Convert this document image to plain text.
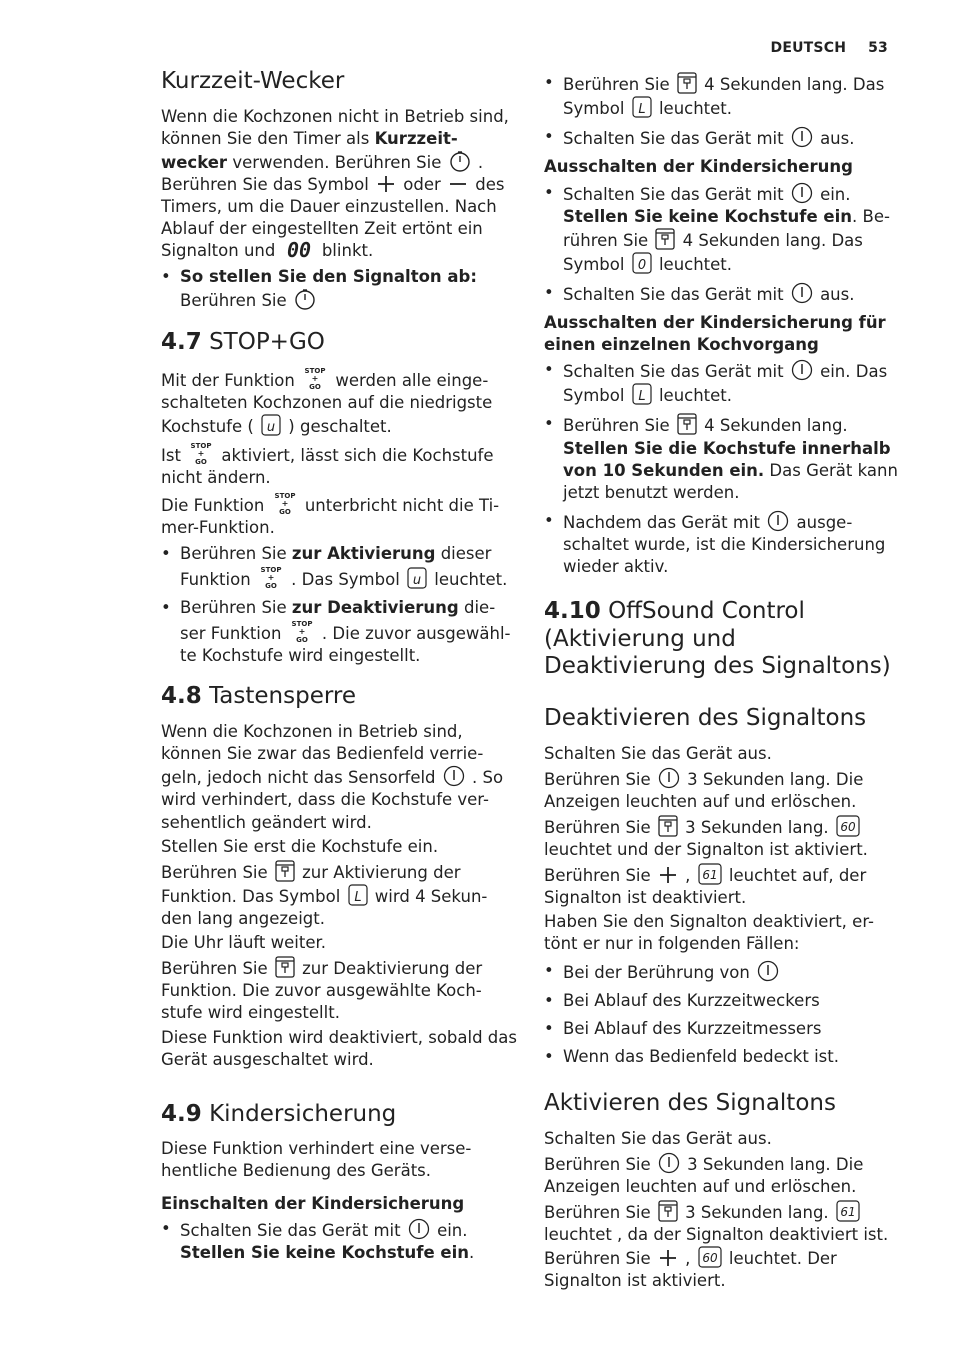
DEUTSCH 53
Kurzzeit-Wecker

Wenn die Kochzonen nicht in Betrieb sind, können Sie den Timer als Kurzzeit-wecker verwenden. Berühren Sie
. Berühren Sie das Symbol
oder
des Timers, um die Dauer einzustellen. Nach Ablauf der eingestellten Zeit ertönt ein Signalton und 00 blinkt.

• So stellen Sie den Signalton ab: Berühren Sie
4.7 STOP+GO

Mit der Funktion STOP
+
GO werden alle einge-schalteten Kochzonen auf die niedrigste Kochstufe ( u ) geschaltet.

Ist STOP
+
GO aktiviert, lässt sich die Kochstufe nicht ändern.

Die Funktion STOP
+
GO unterbricht nicht die Ti-mer-Funktion.

• Berühren Sie zur Aktivierung dieser Funktion STOP
+
GO . Das Symbol u leuchtet.
• Berühren Sie zur Deaktivierung die-ser Funktion STOP
+
GO . Die zuvor ausgewähl-te Kochstufe wird eingestellt.
4.8 Tastensperre

Wenn die Kochzonen in Betrieb sind, können Sie zwar das Bedienfeld verrie-geln, jedoch nicht das Sensorfeld
. So wird verhindert, dass die Kochstufe ver-sehentlich geändert wird.

Stellen Sie erst die Kochstufe ein.

Berühren Sie
zur Aktivierung der Funktion. Das Symbol L wird 4 Sekun-den lang angezeigt.

Die Uhr läuft weiter.

Berühren Sie
zur Deaktivierung der Funktion. Die zuvor ausgewählte Koch-stufe wird eingestellt.

Diese Funktion wird deaktiviert, sobald das Gerät ausgeschaltet wird.

4.9 Kindersicherung

Diese Funktion verhindert eine verse-hentliche Bedienung des Geräts.

Einschalten der Kindersicherung
• Schalten Sie das Gerät mit
ein. Stellen Sie keine Kochstufe ein.
• Berühren Sie
4 Sekunden lang. Das Symbol L leuchtet.
• Schalten Sie das Gerät mit
aus.
Ausschalten der Kindersicherung
• Schalten Sie das Gerät mit
ein. Stellen Sie keine Kochstufe ein. Be-rühren Sie
4 Sekunden lang. Das Symbol 0 leuchtet.
• Schalten Sie das Gerät mit
aus.
Ausschalten der Kindersicherung für einen einzelnen Kochvorgang
• Schalten Sie das Gerät mit
ein. Das Symbol L leuchtet.
• Berühren Sie
4 Sekunden lang. Stellen Sie die Kochstufe innerhalb von 10 Sekunden ein. Das Gerät kann jetzt benutzt werden.
• Nachdem das Gerät mit
ausge-schaltet wurde, ist die Kindersicherung wieder aktiv.
4.10 OffSound Control (Aktivierung und Deaktivierung des Signaltons)
Deaktivieren des Signaltons

Schalten Sie das Gerät aus.

Berühren Sie
3 Sekunden lang. Die Anzeigen leuchten auf und erlöschen.

Berühren Sie
3 Sekunden lang. 60
leuchtet und der Signalton ist aktiviert.

Berühren Sie
, 61 leuchtet auf, der Signalton ist deaktiviert.

Haben Sie den Signalton deaktiviert, er-tönt er nur in folgenden Fällen:

• Bei der Berührung von
• Bei Ablauf des Kurzzeitweckers
• Bei Ablauf des Kurzzeitmessers
• Wenn das Bedienfeld bedeckt ist.
Aktivieren des Signaltons

Schalten Sie das Gerät aus.

Berühren Sie
3 Sekunden lang. Die Anzeigen leuchten auf und erlöschen.

Berühren Sie
3 Sekunden lang. 61
leuchtet , da der Signalton deaktiviert ist. Berühren Sie
, 60 leuchtet. Der Signalton ist aktiviert.
